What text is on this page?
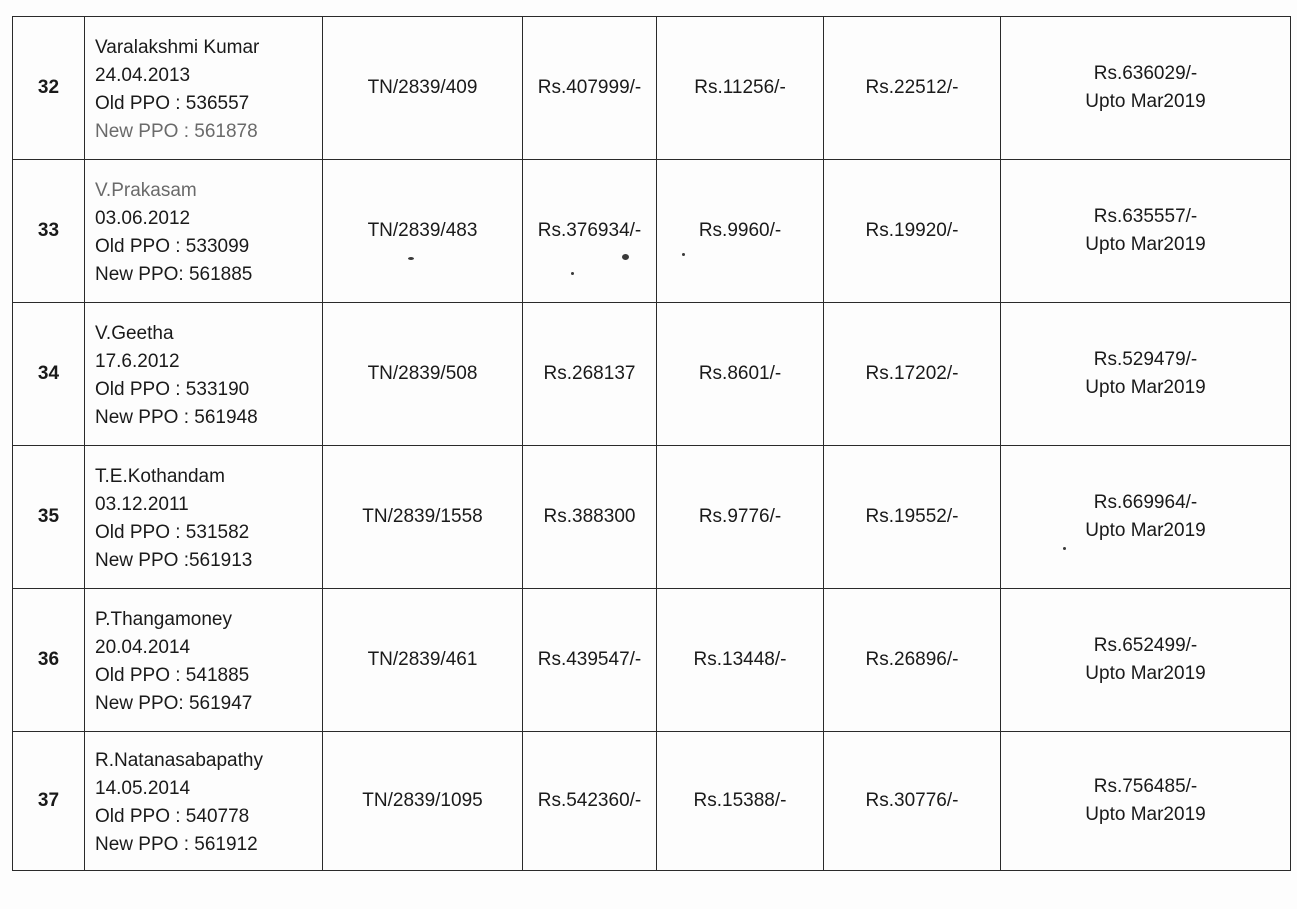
32	Varalakshmi Kumar
24.04.2013
Old PPO : 536557
New PPO : 561878	TN/2839/409	Rs.407999/-	Rs.11256/-	Rs.22512/-	Rs.636029/-
Upto Mar2019

33	V.Prakasam
03.06.2012
Old PPO : 533099
New PPO: 561885	TN/2839/483	Rs.376934/-	Rs.9960/-	Rs.19920/-	Rs.635557/-
Upto Mar2019

34	V.Geetha
17.6.2012
Old PPO : 533190
New PPO : 561948	TN/2839/508	Rs.268137	Rs.8601/-	Rs.17202/-	Rs.529479/-
Upto Mar2019

35	T.E.Kothandam
03.12.2011
Old PPO : 531582
New PPO :561913	TN/2839/1558	Rs.388300	Rs.9776/-	Rs.19552/-	Rs.669964/-
Upto Mar2019

36	P.Thangamoney
20.04.2014
Old PPO : 541885
New PPO: 561947	TN/2839/461	Rs.439547/-	Rs.13448/-	Rs.26896/-	Rs.652499/-
Upto Mar2019

37	R.Natanasabapathy
14.05.2014
Old PPO : 540778
New PPO : 561912	TN/2839/1095	Rs.542360/-	Rs.15388/-	Rs.30776/-	Rs.756485/-
Upto Mar2019
